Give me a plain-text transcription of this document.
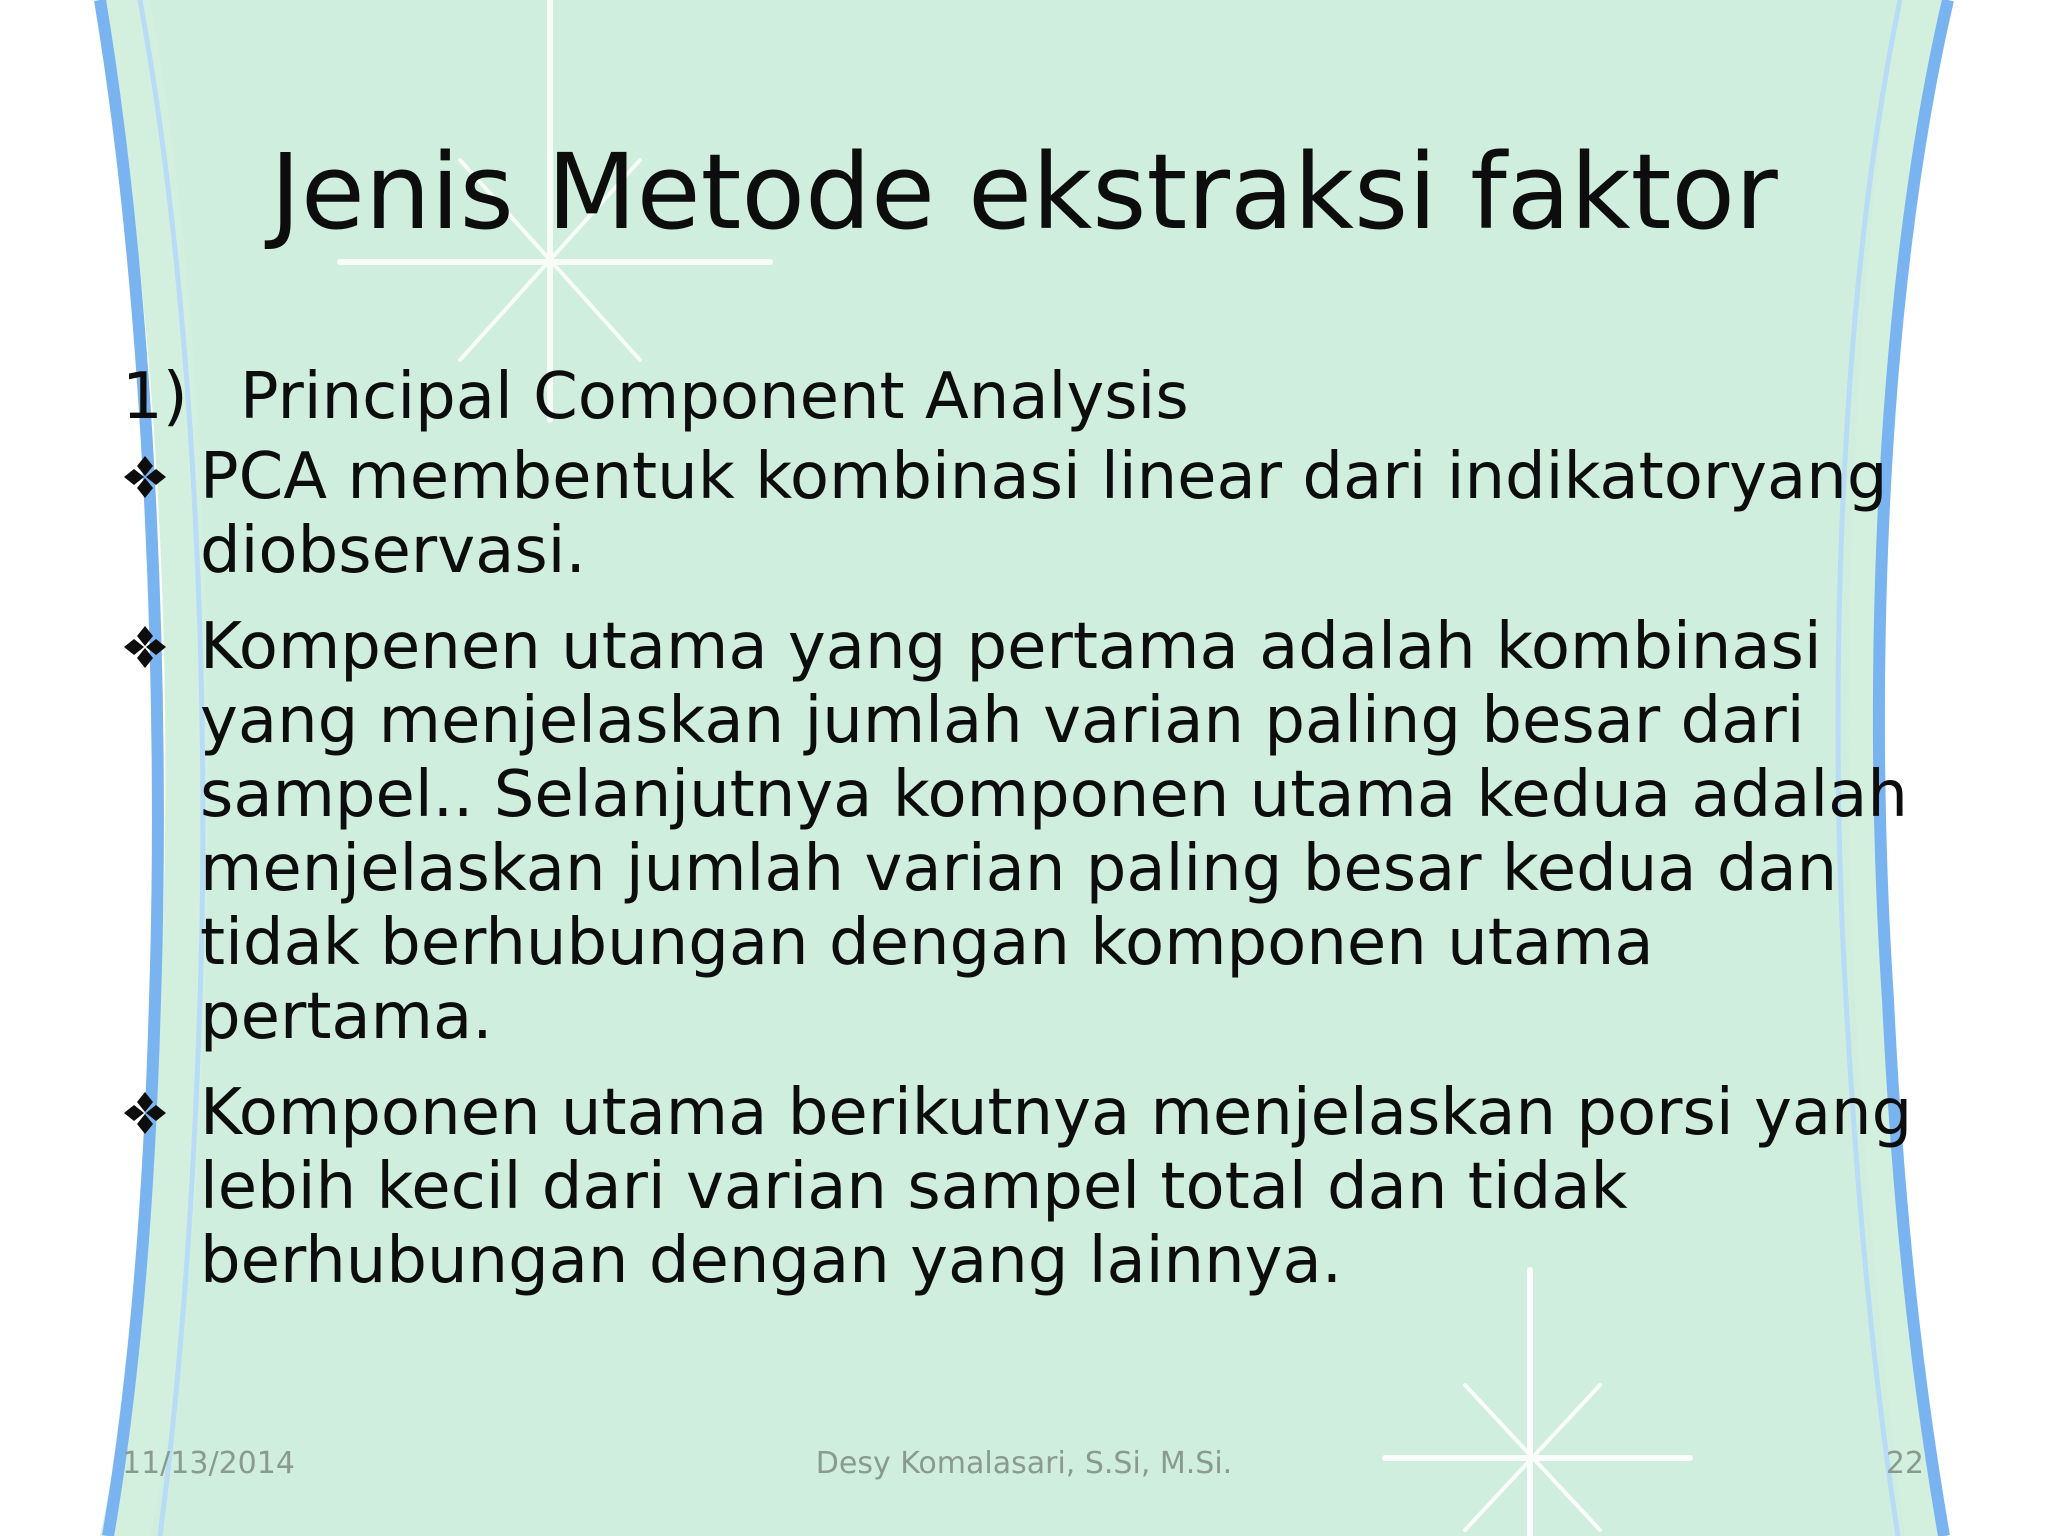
Jenis Metode ekstraksi faktor
1) Principal Component Analysis
PCA membentuk kombinasi linear dari indikatoryang diobservasi.
Kompenen utama yang pertama adalah kombinasi yang menjelaskan jumlah varian paling besar dari sampel.. Selanjutnya komponen utama kedua adalah menjelaskan jumlah varian paling besar kedua dan tidak berhubungan dengan komponen utama pertama.
Komponen utama berikutnya menjelaskan porsi yang lebih kecil dari varian sampel total dan tidak berhubungan dengan yang lainnya.
11/13/2014	Desy Komalasari, S.Si, M.Si.	22
